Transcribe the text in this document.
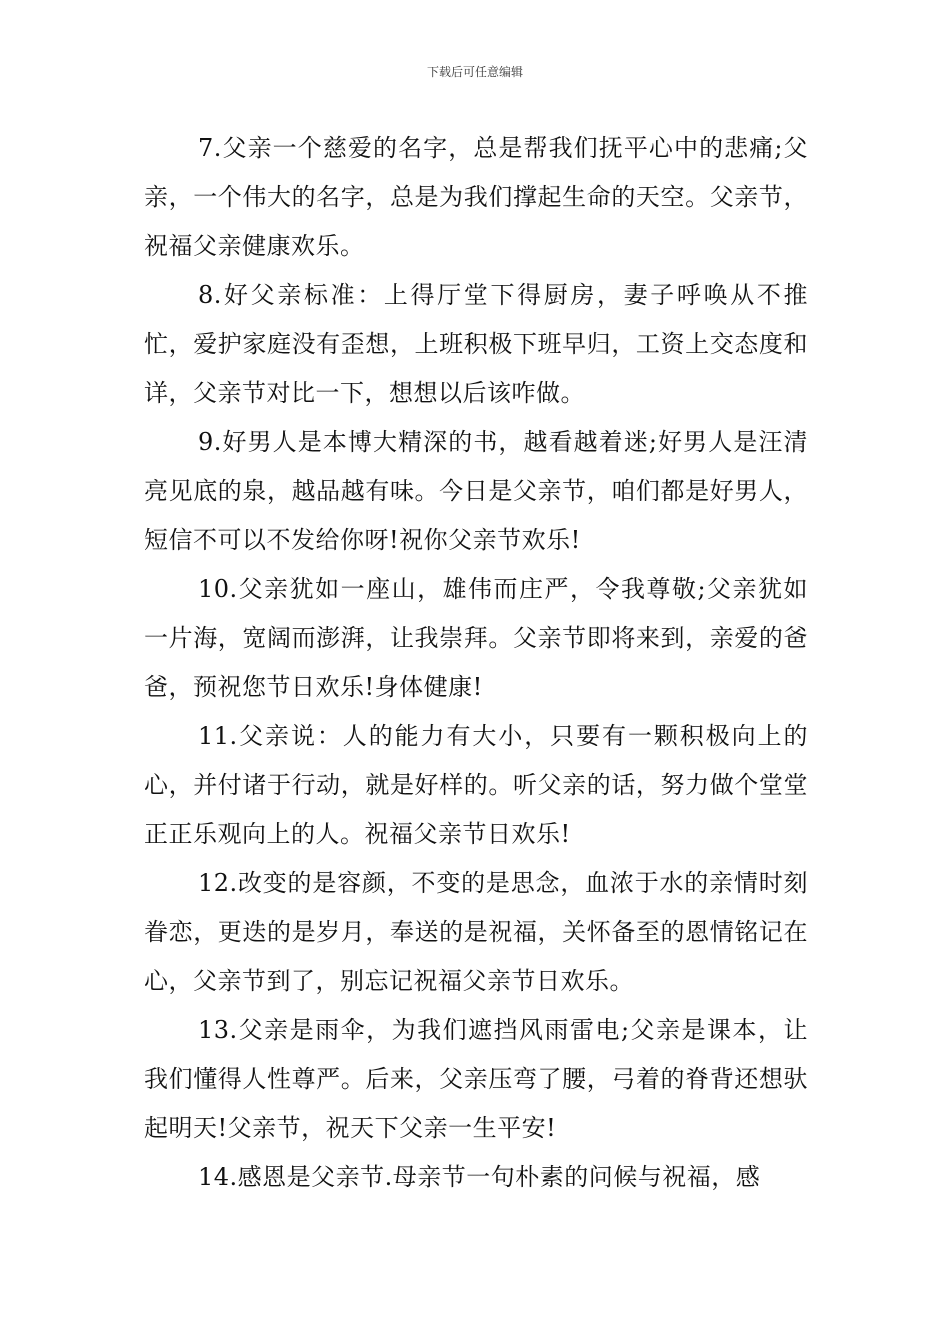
下载后可任意编辑

7.父亲一个慈爱的名字，总是帮我们抚平心中的悲痛;父亲，一个伟大的名字，总是为我们撑起生命的天空。父亲节，祝福父亲健康欢乐。

8.好父亲标准：上得厅堂下得厨房，妻子呼唤从不推忙，爱护家庭没有歪想，上班积极下班早归，工资上交态度和详，父亲节对比一下，想想以后该咋做。

9.好男人是本博大精深的书，越看越着迷;好男人是汪清亮见底的泉，越品越有味。今日是父亲节，咱们都是好男人，短信不可以不发给你呀!祝你父亲节欢乐!

10.父亲犹如一座山，雄伟而庄严，令我尊敬;父亲犹如一片海，宽阔而澎湃，让我崇拜。父亲节即将来到，亲爱的爸爸，预祝您节日欢乐!身体健康!

11.父亲说：人的能力有大小，只要有一颗积极向上的心，并付诸于行动，就是好样的。听父亲的话，努力做个堂堂正正乐观向上的人。祝福父亲节日欢乐!

12.改变的是容颜，不变的是思念，血浓于水的亲情时刻眷恋，更迭的是岁月，奉送的是祝福，关怀备至的恩情铭记在心，父亲节到了，别忘记祝福父亲节日欢乐。

13.父亲是雨伞，为我们遮挡风雨雷电;父亲是课本，让我们懂得人性尊严。后来，父亲压弯了腰，弓着的脊背还想驮起明天!父亲节，祝天下父亲一生平安!

14.感恩是父亲节.母亲节一句朴素的问候与祝福，感
